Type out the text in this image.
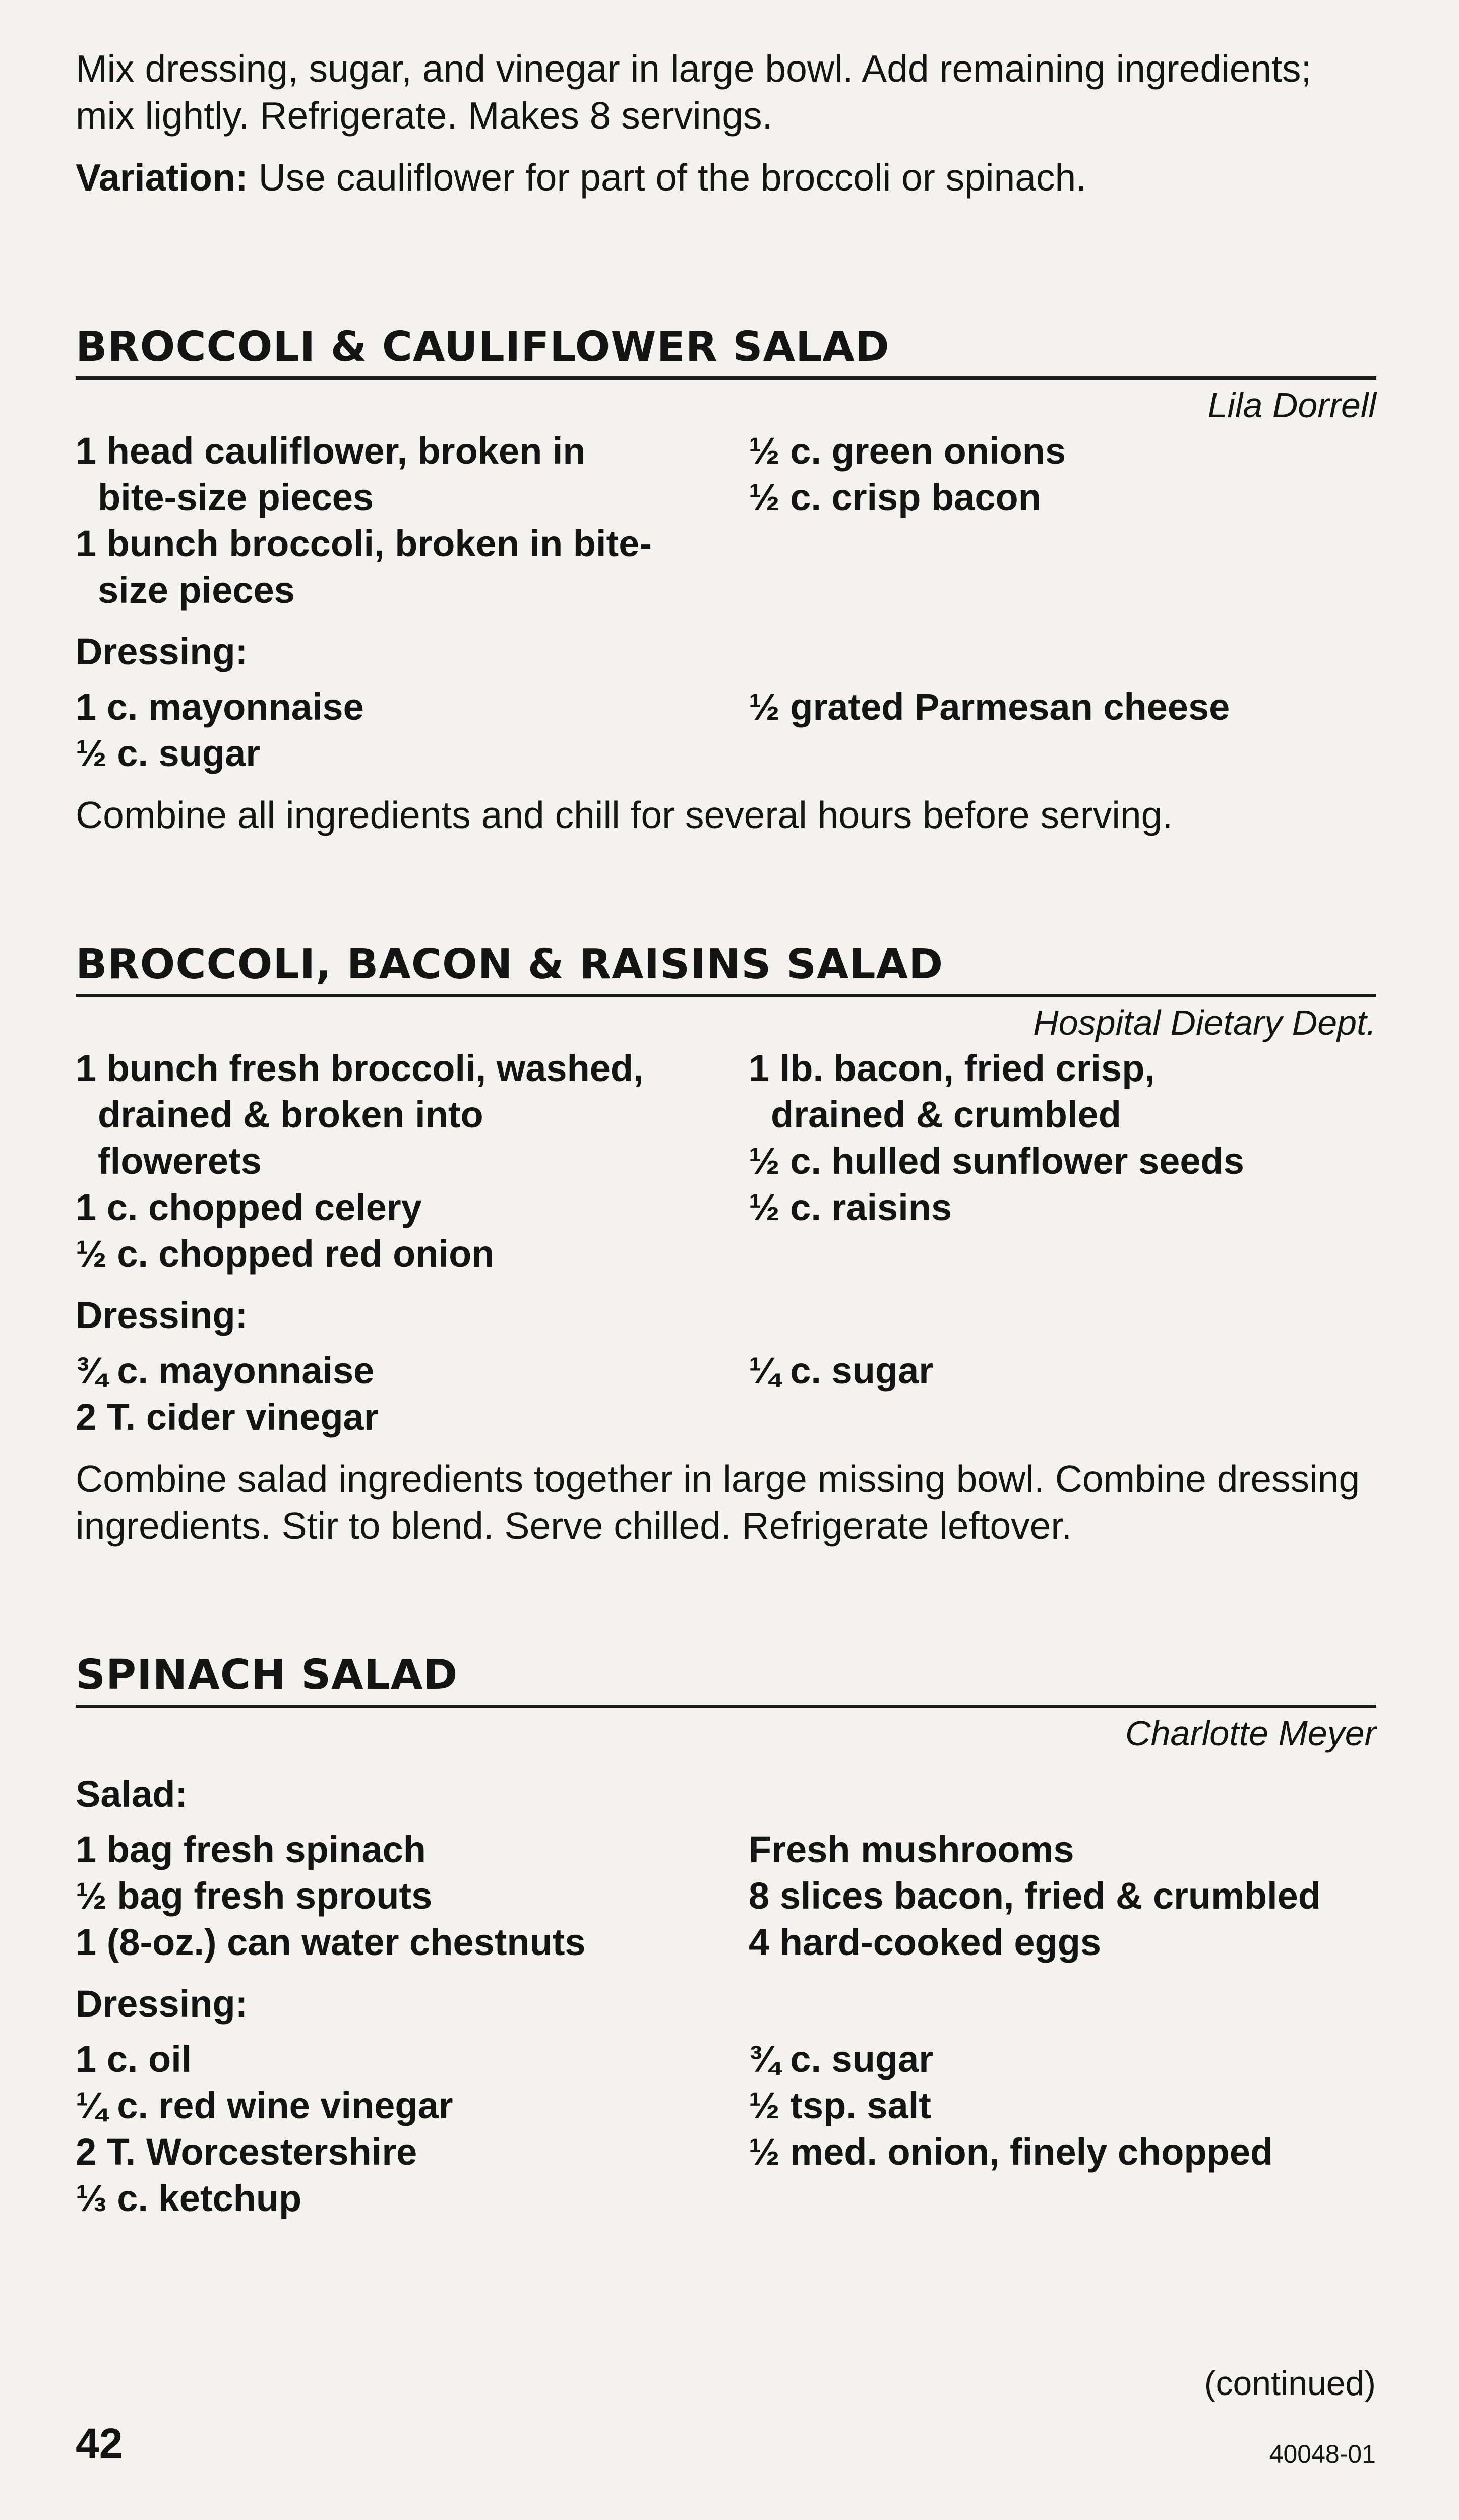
Mix dressing, sugar, and vinegar in large bowl. Add remaining ingredients; mix lightly. Refrigerate. Makes 8 servings.

Variation: Use cauliflower for part of the broccoli or spinach.

BROCCOLI & CAULIFLOWER SALAD
Lila Dorrell

1 head cauliflower, broken in
bite-size pieces

1 bunch broccoli, broken in bite-
size pieces

½ c. green onions

½ c. crisp bacon

Dressing:

1 c. mayonnaise

½ c. sugar

½ grated Parmesan cheese

Combine all ingredients and chill for several hours before serving.

BROCCOLI, BACON & RAISINS SALAD
Hospital Dietary Dept.

1 bunch fresh broccoli, washed,
drained & broken into
flowerets

1 c. chopped celery

½ c. chopped red onion

1 lb. bacon, fried crisp,
drained & crumbled

½ c. hulled sunflower seeds

½ c. raisins

Dressing:

¾ c. mayonnaise

2 T. cider vinegar

¼ c. sugar

Combine salad ingredients together in large missing bowl. Combine dressing ingredients. Stir to blend. Serve chilled. Refrigerate leftover.

SPINACH SALAD
Charlotte Meyer
Salad:

1 bag fresh spinach

½ bag fresh sprouts

1 (8-oz.) can water chestnuts

Fresh mushrooms

8 slices bacon, fried & crumbled

4 hard-cooked eggs

Dressing:

1 c. oil

¼ c. red wine vinegar

2 T. Worcestershire

⅓ c. ketchup

¾ c. sugar

½ tsp. salt

½ med. onion, finely chopped

(continued)
42	40048-01
